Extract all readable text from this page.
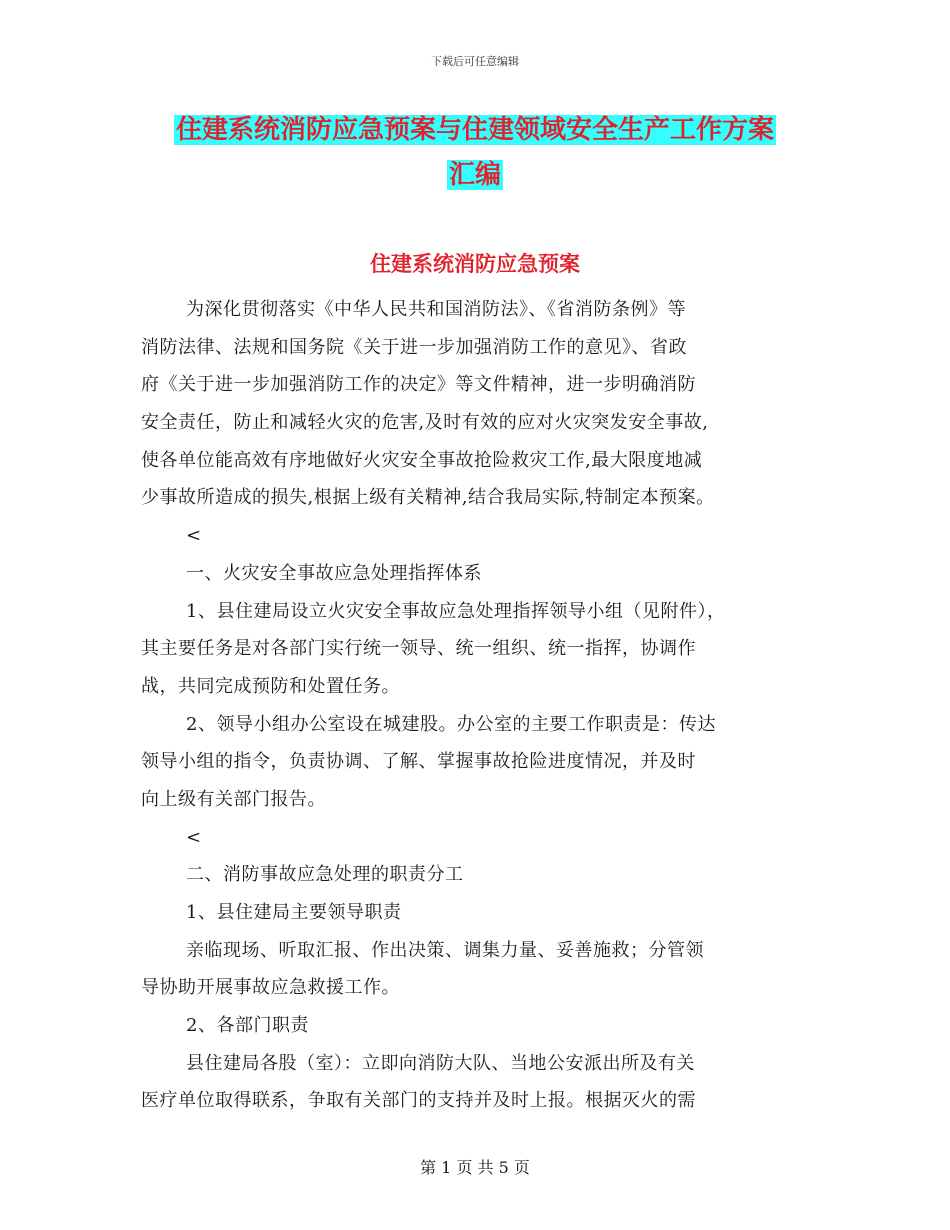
下载后可任意编辑
住建系统消防应急预案与住建领域安全生产工作方案
汇编
住建系统消防应急预案
为深化贯彻落实《中华人民共和国消防法》、《省消防条例》等
消防法律、法规和国务院《关于进一步加强消防工作的意见》、省政
府《关于进一步加强消防工作的决定》等文件精神，进一步明确消防
安全责任，防止和减轻火灾的危害,及时有效的应对火灾突发安全事故,
使各单位能高效有序地做好火灾安全事故抢险救灾工作,最大限度地减
少事故所造成的损失,根据上级有关精神,结合我局实际,特制定本预案。
<
一、火灾安全事故应急处理指挥体系
1、县住建局设立火灾安全事故应急处理指挥领导小组（见附件），
其主要任务是对各部门实行统一领导、统一组织、统一指挥，协调作
战，共同完成预防和处置任务。
2、领导小组办公室设在城建股。办公室的主要工作职责是：传达
领导小组的指令，负责协调、了解、掌握事故抢险进度情况，并及时
向上级有关部门报告。
<
二、消防事故应急处理的职责分工
1、县住建局主要领导职责
亲临现场、听取汇报、作出决策、调集力量、妥善施救；分管领
导协助开展事故应急救援工作。
2、各部门职责
县住建局各股（室）：立即向消防大队、当地公安派出所及有关
医疗单位取得联系，争取有关部门的支持并及时上报。根据灭火的需
第 1 页 共 5 页
